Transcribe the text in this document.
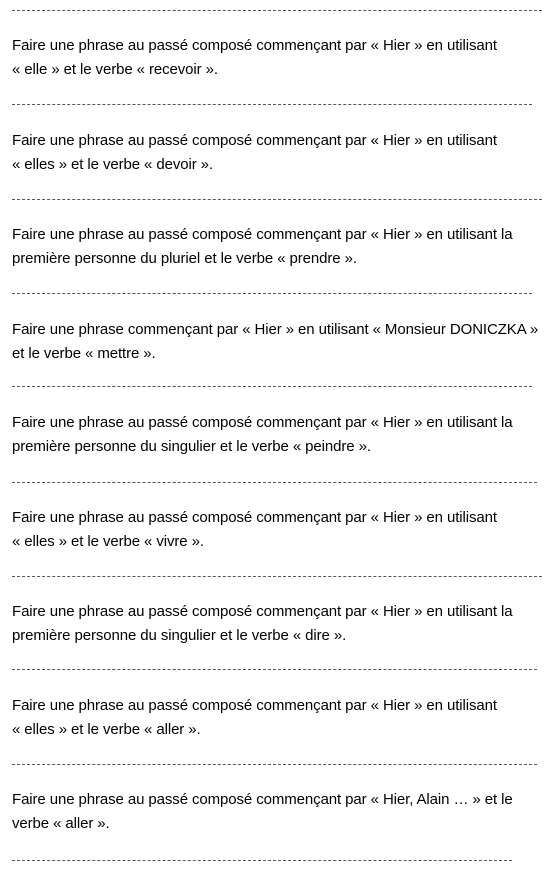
Faire une phrase au passé composé commençant par « Hier » en utilisant
« elle » et le verbe « recevoir ».

Faire une phrase au passé composé commençant par « Hier » en utilisant
« elles » et le verbe « devoir ».

Faire une phrase au passé composé commençant par « Hier » en utilisant la
première personne du pluriel et le verbe « prendre ».

Faire une phrase commençant par « Hier » en utilisant « Monsieur DONICZKA »
et le verbe « mettre ».

Faire une phrase au passé composé commençant par « Hier » en utilisant la
première personne du singulier et le verbe « peindre ».

Faire une phrase au passé composé commençant par « Hier » en utilisant
« elles » et le verbe « vivre ».

Faire une phrase au passé composé commençant par « Hier » en utilisant la
première personne du singulier et le verbe « dire ».

Faire une phrase au passé composé commençant par « Hier » en utilisant
« elles » et le verbe « aller ».

Faire une phrase au passé composé commençant par « Hier, Alain … » et le
verbe « aller ».
